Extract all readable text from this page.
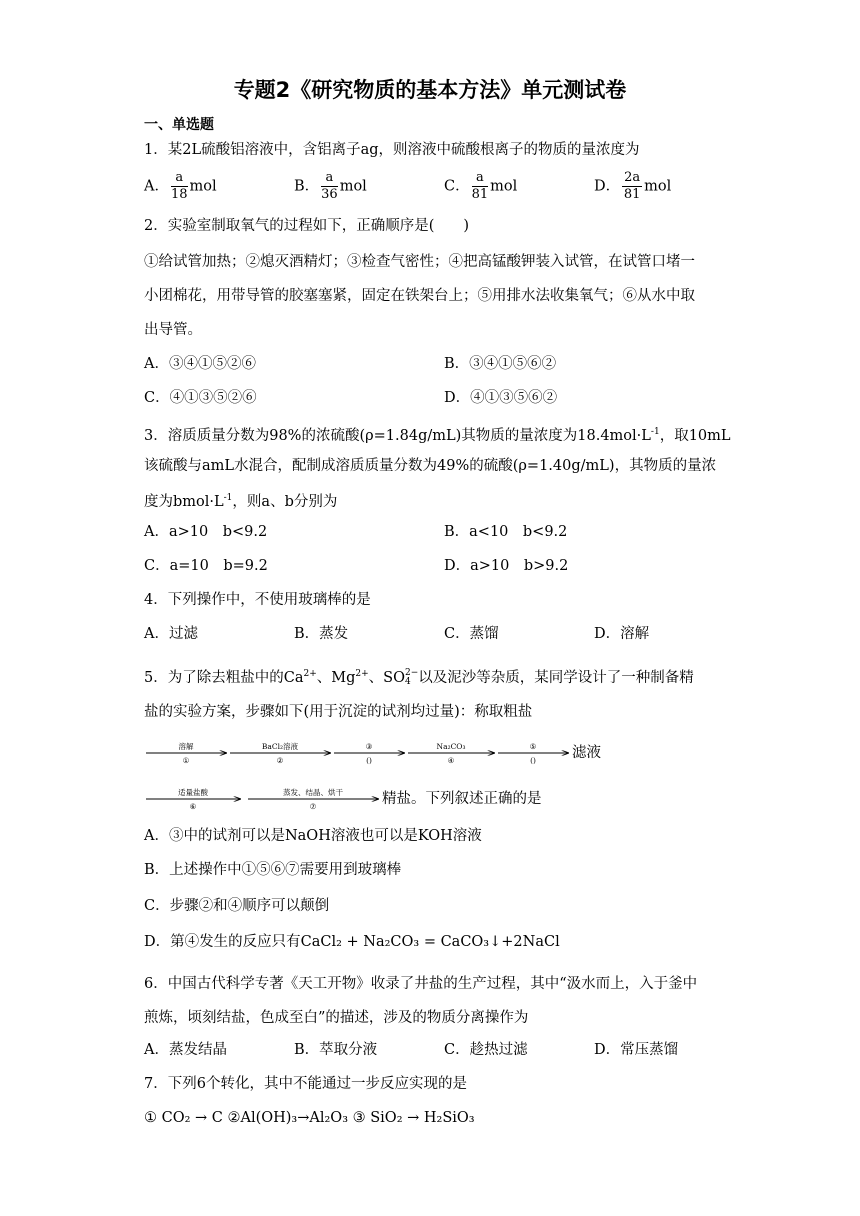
专题2《研究物质的基本方法》单元测试卷
一、单选题
1．某2L硫酸铝溶液中，含铝离子ag，则溶液中硫酸根离子的物质的量浓度为
A． $\frac{a}{18}$ mol	B． $\frac{a}{36}$ mol	C． $\frac{a}{81}$ mol	D． $\frac{2a}{81}$ mol
2．实验室制取氧气的过程如下，正确顺序是(　　)
①给试管加热；②熄灭酒精灯；③检查气密性；④把高锰酸钾装入试管，在试管口堵一
小团棉花，用带导管的胶塞塞紧，固定在铁架台上；⑤用排水法收集氧气；⑥从水中取
出导管。
A．③④①⑤②⑥	B．③④①⑤⑥②
C．④①③⑤②⑥	D．④①③⑤⑥②
3．溶质质量分数为98%的浓硫酸(ρ=1.84g/mL)其物质的量浓度为$18.4mol\cdot L^{-1}$，取10mL
该硫酸与amL水混合，配制成溶质质量分数为49%的硫酸(ρ=1.40g/mL)，其物质的量浓
度为$bmol\cdot L^{-1}$，则a、b分别为
A．a>10　b<9.2	B．a<10　b<9.2
C．a=10　b=9.2	D．a>10　b>9.2
4．下列操作中，不使用玻璃棒的是
A．过滤	B．蒸发	C．蒸馏	D．溶解
5．为了除去粗盐中的$Ca^{2+}$、$Mg^{2+}$、SO 2−
4 以及泥沙等杂质，某同学设计了一种制备精
盐的实验方案，步骤如下(用于沉淀的试剂均过量)：称取粗盐
溶解
①
BaCl₂溶液
②
③
()
Na₂CO₃
④
⑤
() 滤液
适量盐酸
⑥
蒸发、结晶、烘干
⑦	精盐。下列叙述正确的是
A．③中的试剂可以是NaOH溶液也可以是KOH溶液
B．上述操作中①⑤⑥⑦需要用到玻璃棒
C．步骤②和④顺序可以颠倒
D．第④发生的反应只有CaCl₂ + Na₂CO₃ = CaCO₃↓+2NaCl
6．中国古代科学专著《天工开物》收录了井盐的生产过程，其中“汲水而上，入于釜中
煎炼，顷刻结盐，色成至白”的描述，涉及的物质分离操作为
A．蒸发结晶	B．萃取分液	C．趁热过滤	D．常压蒸馏
7．下列6个转化，其中不能通过一步反应实现的是
① CO₂ → C ②Al(OH)₃→Al₂O₃ ③ SiO₂ → H₂SiO₃
